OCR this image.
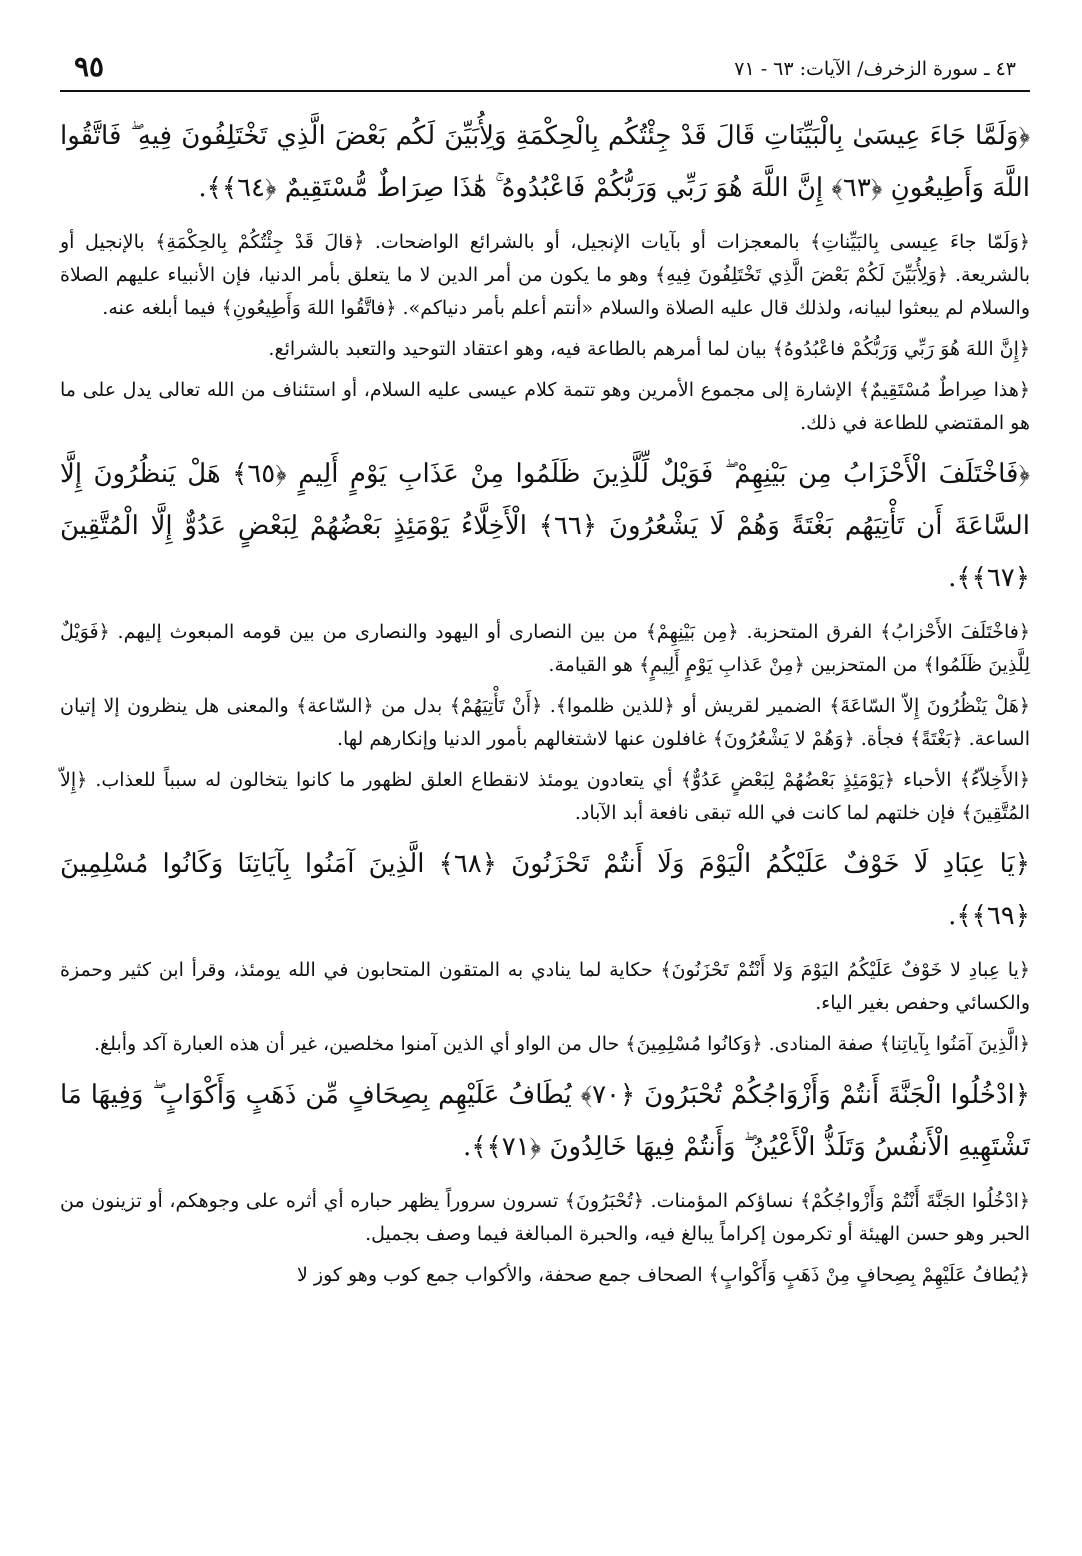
٤٣ ـ سورة الزخرف/ الآيات: ٦٣ - ٧١
٩٥

﴿وَلَمَّا جَاءَ عِيسَىٰ بِالْبَيِّنَاتِ قَالَ قَدْ جِئْتُكُم بِالْحِكْمَةِ وَلِأُبَيِّنَ لَكُم بَعْضَ الَّذِي تَخْتَلِفُونَ فِيهِ ۖ فَاتَّقُوا اللَّهَ وَأَطِيعُونِ ﴿٦٣﴾ إِنَّ اللَّهَ هُوَ رَبِّي وَرَبُّكُمْ فَاعْبُدُوهُ ۚ هَٰذَا صِرَاطٌ مُّسْتَقِيمٌ ﴿٦٤﴾﴾.

﴿وَلَمّا جاءَ عِيسى بِالبَيِّناتِ﴾ بالمعجزات أو بآيات الإنجيل، أو بالشرائع الواضحات. ﴿قالَ قَدْ جِئْتُكُمْ بِالحِكْمَةِ﴾ بالإنجيل أو بالشريعة. ﴿وَلِأُبَيِّنَ لَكُمْ بَعْضَ الَّذِي تَخْتَلِفُونَ فِيهِ﴾ وهو ما يكون من أمر الدين لا ما يتعلق بأمر الدنيا، فإن الأنبياء عليهم الصلاة والسلام لم يبعثوا لبيانه، ولذلك قال عليه الصلاة والسلام «أنتم أعلم بأمر دنياكم». ﴿فاتَّقُوا اللهَ وَأَطِيعُونِ﴾ فيما أبلغه عنه.

﴿إِنَّ اللهَ هُوَ رَبِّي وَرَبُّكُمْ فاعْبُدُوهُ﴾ بيان لما أمرهم بالطاعة فيه، وهو اعتقاد التوحيد والتعبد بالشرائع.

﴿هذا صِراطٌ مُسْتَقِيمٌ﴾ الإشارة إلى مجموع الأمرين وهو تتمة كلام عيسى عليه السلام، أو استئناف من الله تعالى يدل على ما هو المقتضي للطاعة في ذلك.

﴿فَاخْتَلَفَ الْأَحْزَابُ مِن بَيْنِهِمْ ۖ فَوَيْلٌ لِّلَّذِينَ ظَلَمُوا مِنْ عَذَابِ يَوْمٍ أَلِيمٍ ﴿٦٥﴾ هَلْ يَنظُرُونَ إِلَّا السَّاعَةَ أَن تَأْتِيَهُم بَغْتَةً وَهُمْ لَا يَشْعُرُونَ ﴿٦٦﴾ الْأَخِلَّاءُ يَوْمَئِذٍ بَعْضُهُمْ لِبَعْضٍ عَدُوٌّ إِلَّا الْمُتَّقِينَ ﴿٦٧﴾﴾.

﴿فاخْتَلَفَ الأَحْزابُ﴾ الفرق المتحزبة. ﴿مِن بَيْنِهِمْ﴾ من بين النصارى أو اليهود والنصارى من بين قومه المبعوث إليهم. ﴿فَوَيْلٌ لِلَّذِينَ ظَلَمُوا﴾ من المتحزبين ﴿مِنْ عَذابِ يَوْمٍ أَلِيمٍ﴾ هو القيامة.

﴿هَلْ يَنْظُرُونَ إِلاّ السّاعَةَ﴾ الضمير لقريش أو ﴿للذين ظلموا﴾. ﴿أَنْ تَأْتِيَهُمْ﴾ بدل من ﴿السّاعة﴾ والمعنى هل ينظرون إلا إتيان الساعة. ﴿بَغْتَةً﴾ فجأة. ﴿وَهُمْ لا يَشْعُرُونَ﴾ غافلون عنها لاشتغالهم بأمور الدنيا وإنكارهم لها.

﴿الأَخِلاّءُ﴾ الأحباء ﴿يَوْمَئِذٍ بَعْضُهُمْ لِبَعْضٍ عَدُوٌّ﴾ أي يتعادون يومئذ لانقطاع العلق لظهور ما كانوا يتخالون له سبباً للعذاب. ﴿إِلاّ المُتَّقِينَ﴾ فإن خلتهم لما كانت في الله تبقى نافعة أبد الآباد.

﴿يَا عِبَادِ لَا خَوْفٌ عَلَيْكُمُ الْيَوْمَ وَلَا أَنتُمْ تَحْزَنُونَ ﴿٦٨﴾ الَّذِينَ آمَنُوا بِآيَاتِنَا وَكَانُوا مُسْلِمِينَ ﴿٦٩﴾﴾.

﴿يا عِبادِ لا خَوْفٌ عَلَيْكُمُ اليَوْمَ وَلا أَنْتُمْ تَحْزَنُونَ﴾ حكاية لما ينادي به المتقون المتحابون في الله يومئذ، وقرأ ابن كثير وحمزة والكسائي وحفص بغير الياء.

﴿الَّذِينَ آمَنُوا بِآياتِنا﴾ صفة المنادى. ﴿وَكانُوا مُسْلِمِينَ﴾ حال من الواو أي الذين آمنوا مخلصين، غير أن هذه العبارة آكد وأبلغ.

﴿ادْخُلُوا الْجَنَّةَ أَنتُمْ وَأَزْوَاجُكُمْ تُحْبَرُونَ ﴿٧٠﴾ يُطَافُ عَلَيْهِم بِصِحَافٍ مِّن ذَهَبٍ وَأَكْوَابٍ ۖ وَفِيهَا مَا تَشْتَهِيهِ الْأَنفُسُ وَتَلَذُّ الْأَعْيُنُ ۖ وَأَنتُمْ فِيهَا خَالِدُونَ ﴿٧١﴾﴾.

﴿ادْخُلُوا الجَنَّةَ أَنْتُمْ وَأَزْواجُكُمْ﴾ نساؤكم المؤمنات. ﴿تُحْبَرُونَ﴾ تسرون سروراً يظهر حباره أي أثره على وجوهكم، أو تزينون من الحبر وهو حسن الهيئة أو تكرمون إكراماً يبالغ فيه، والحبرة المبالغة فيما وصف بجميل.

﴿يُطافُ عَلَيْهِمْ بِصِحافٍ مِنْ ذَهَبٍ وَأَكْوابٍ﴾ الصحاف جمع صحفة، والأكواب جمع كوب وهو كوز لا
